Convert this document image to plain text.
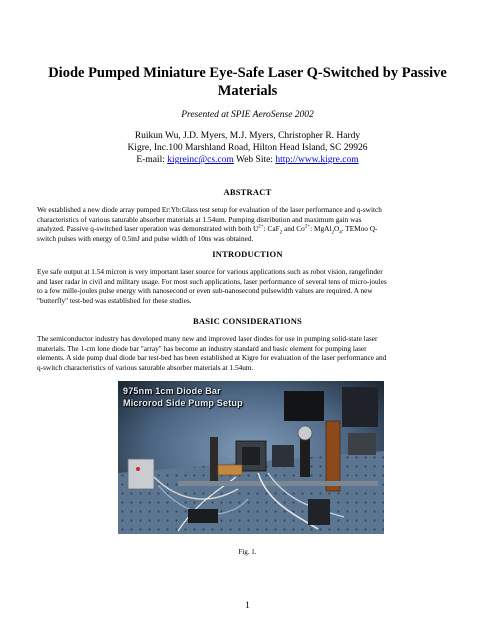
Diode Pumped Miniature Eye-Safe Laser Q-Switched by Passive Materials
Presented at SPIE AeroSense 2002
Ruikun Wu, J.D. Myers, M.J. Myers, Christopher R. Hardy
Kigre, Inc.100 Marshland Road, Hilton Head Island, SC 29926
E-mail: kigreinc@cs.com Web Site: http://www.kigre.com
ABSTRACT

We established a new diode array pumped Er:Yb:Glass test setup for evaluation of the laser performance and q-switch

characteristics of various saturable absorber materials at 1.54um. Pumping distribution and maximum gain was

analyzed. Passive q-switched laser operation was demonstrated with both $U^{2+}$: CaF$_2$ and $Co^{2+}$: $MgAl_2O_4$. TEMoo Q-

switch pulses with energy of 0.5mJ and pulse width of 10ns was obtained.

INTRODUCTION

Eye safe output at 1.54 micron is very important laser source for various applications such as robot vision, rangefinder

and laser radar in civil and military usage. For most such applications, laser performance of several tens of micro-joules

to a few mille-joules pulse energy with nanosecond or even sub-nanosecond pulsewidth values are required. A new

"butterfly" test-bed was established for these studies.

BASIC CONSIDERATIONS

The semiconductor industry has developed many new and improved laser diodes for use in pumping solid-state laser

materials. The 1-cm lone diode bar "array" has become an industry standard and basic element for pumping laser

elements. A side pump dual diode bar test-bed has been established at Kigre for evaluation of the laser performance and

q-switch characteristics of various saturable absorber materials at 1.54um.

975nm 1cm Diode Bar
Microrod Side Pump Setup
Fig. 1.
1
